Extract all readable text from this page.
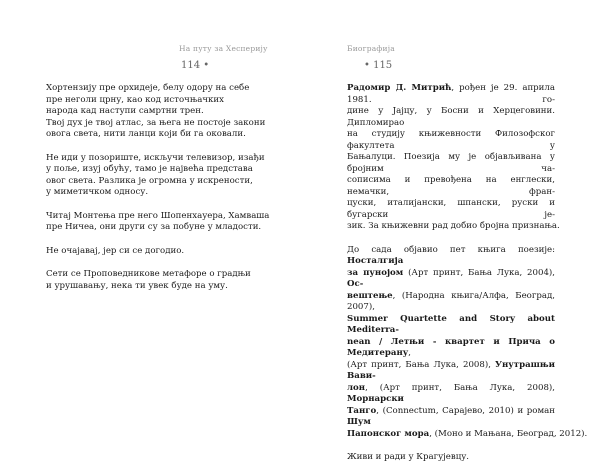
На путу за Хесперију
114 •
Хортензију пре орхидеје, белу одору на себе
пре неголи црну, као код источњачких
народа кад наступи самртни трен.
Твој дух је твој атлас, за њега не постоје закони
овога света, нити ланци који би га оковали.
Не иди у позориште, искључи телевизор, изађи
у поље, изуј обућу, тамо је највећа представа
овог света. Разлика је огромна у искрености,
у миметичком односу.
Читај Монтења пре него Шопенхауера, Хамваша
пре Ничеа, они други су за побуне у младости.
Не очајавај, јер си се догодио.
Сети се Проповедникове метафоре о градњи
и урушавању, нека ти увек буде на уму.
Биографија
• 115
Радомир Д. Митрић, рођен је 29. априла 1981. го-
дине у Јајцу, у Босни и Херцеговини. Дипломирао
на студију књижевности Филозофског факултета у
Бањалуци. Поезија му је објављивана у бројним ча-
сописима и превођена на енглески, немачки, фран-
цуски, италијански, шпански, руски и бугарски је-
зик. За књижевни рад добио бројна признања.
До сада објавио пет књига поезије: Носталгија
за пунојом (Арт принт, Бања Лука, 2004), Ос-
вештење, (Народна књига/Алфа, Београд, 2007),
Summer Quartette and Story about Mediterra-
nean / Летњи - квартет и Прича о Медитерану,
(Арт принт, Бања Лука, 2008), Унутрашњи Вави-
лон, (Арт принт, Бања Лука, 2008), Морнарски
Танго, (Connectum, Сарајево, 2010) и роман Шум
Папонског мора, (Моно и Мањана, Београд, 2012).
Живи и ради у Крагујевцу.
